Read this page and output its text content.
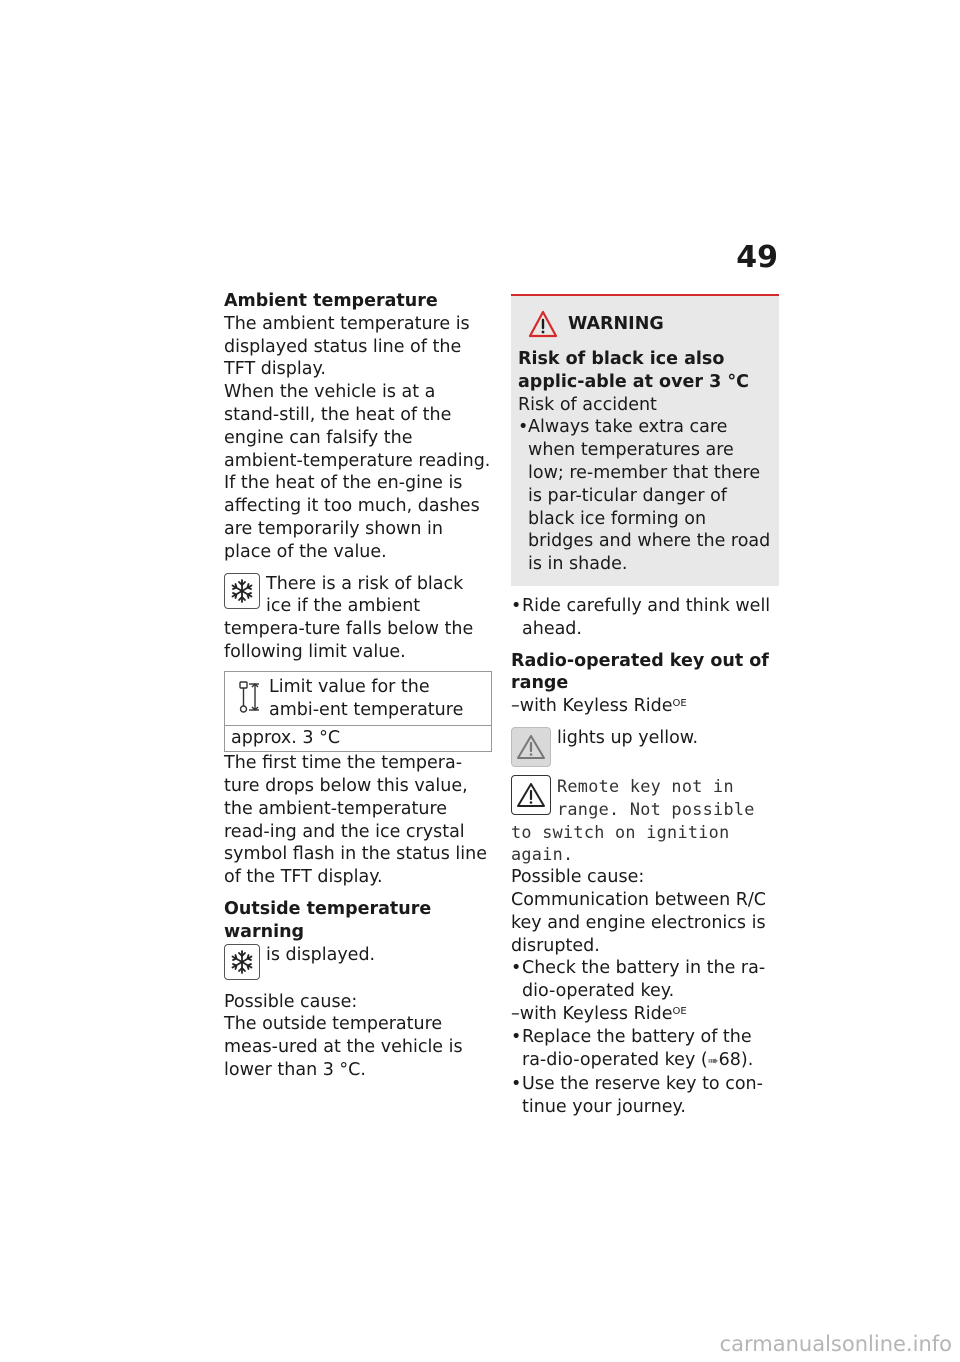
49

Ambient temperature

The ambient temperature is displayed status line of the TFT display.

When the vehicle is at a stand-still, the heat of the engine can falsify the ambient-temperature reading. If the heat of the en-gine is affecting it too much, dashes are temporarily shown in place of the value.

There is a risk of black ice if the ambient tempera-ture falls below the following limit value.

Limit value for the ambi-ent temperature
approx. 3 °C

The first time the tempera-ture drops below this value, the ambient-temperature read-ing and the ice crystal symbol flash in the status line of the TFT display.

Outside temperature warning

is displayed.

Possible cause:

The outside temperature meas-ured at the vehicle is lower than 3 °C.

WARNING

Risk of black ice also applic-able at over 3 °C

Risk of accident

• Always take extra care when temperatures are low; re-member that there is par-ticular danger of black ice forming on bridges and where the road is in shade.
• Ride carefully and think well ahead.

Radio-operated key out of range

–with Keyless Ride$^{OE}$

lights up yellow.

Remote key not in range. Not possible to switch on ignition again.

Possible cause:

Communication between R/C key and engine electronics is disrupted.

• Check the battery in the ra-dio-operated key.

–with Keyless Ride$^{OE}$

• Replace the battery of the ra-dio-operated key (➠68).
• Use the reserve key to con-tinue your journey.
carmanualsonline.info
